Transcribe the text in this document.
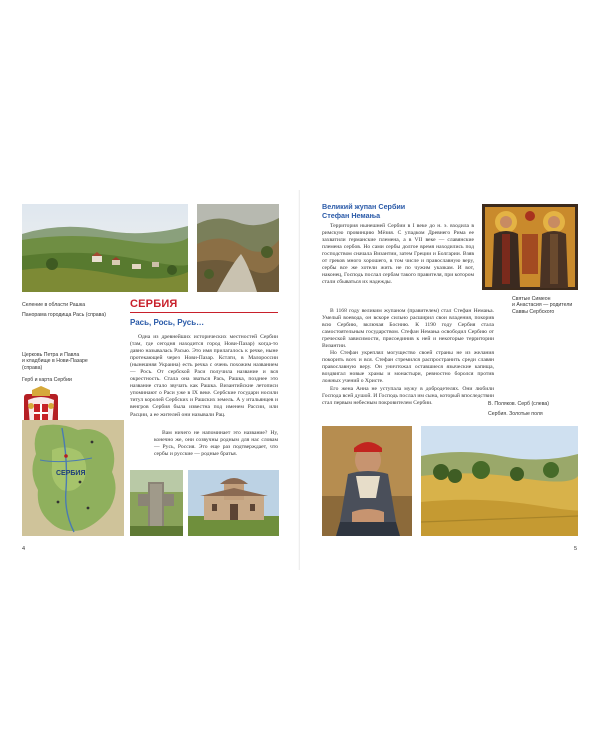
Селение в области Рашка
Панорама городища Рась (справа)
Церковь Петра и Павла
и кладбище в Нови-Пазаре
(справа)
Герб и карта Сербии
СЕРБИЯ
СЕРБИЯ
Рась, Рось, Русь…

Одна из древнейших исторических местностей Сербии (там, где сегодня находится город Нови-Пазар) когда-то давно называлась Расью. Это имя прилагалось к речке, ныне протекающей через Нови-Пазар. Кстати, в Малороссии (нынешняя Украина) есть речка с очень похожим названием — Рось. От сербской Раси получила название и вся окрестность. Стала она зваться Рась, Рашка, позднее это название стало звучать как Рашка. Византийские летописи упоминают о Раси уже в IX веке. Сербские государи носили титул королей Сербских и Рашских земель. А у итальянцев и венгров Сербия была известна под именем Рассии, или Расции, а ее жителей они называли Рац.

Вам ничего не напоминает это название? Ну, конечно же, они созвучны родным для нас словам — Русь, Россия. Это еще раз подтверждает, что сербы и русские — родные братья.

4
Великий жупан Сербии
Стефан Немања

Территория нынешней Сербии в I веке до н. э. входила в римскую провинцию Мёзия. С упадком Древнего Рима ее захватили германские племена, а в VII веке — славянские племена сербов. Но сами сербы долгое время находились под господством сначала Византии, затем Греции и Болгарии. Взяв от греков много хорошего, в том числе и православную веру, сербы все же хотели жить не по чужим указкам. И вот, наконец, Господь послал сербам такого правителя, при котором стали сбываться их надежды.

В 1168 году великим жупаном (правителем) стал Стефан Немања. Умелый воевода, он вскоре сильно расширил свои владения, покорив всю Сербию, включая Боснию. К 1190 году Сербия стала самостоятельным государством. Стефан Немања освободил Сербию от греческой зависимости, присоединив к ней и некоторые территории Византии.

Но Стефан укреплял могущество своей страны не из желания покорить всех и вся. Стефан стремился распространить среди славян православную веру. Он уничтожал оставшиеся языческие капища, воздвигал новые храмы и монастыри, ревностно боролся против ложных учений о Христе.

Его жена Анна не уступала мужу в добродетелях. Они любили Господа всей душой. И Господь послал им сына, который впоследствии стал первым небесным покровителем Сербии.

Святые Симеон
и Анастасия — родители
Саввы Сербского
В. Поляков. Серб (слева)
Сербия. Золотые поля
5
